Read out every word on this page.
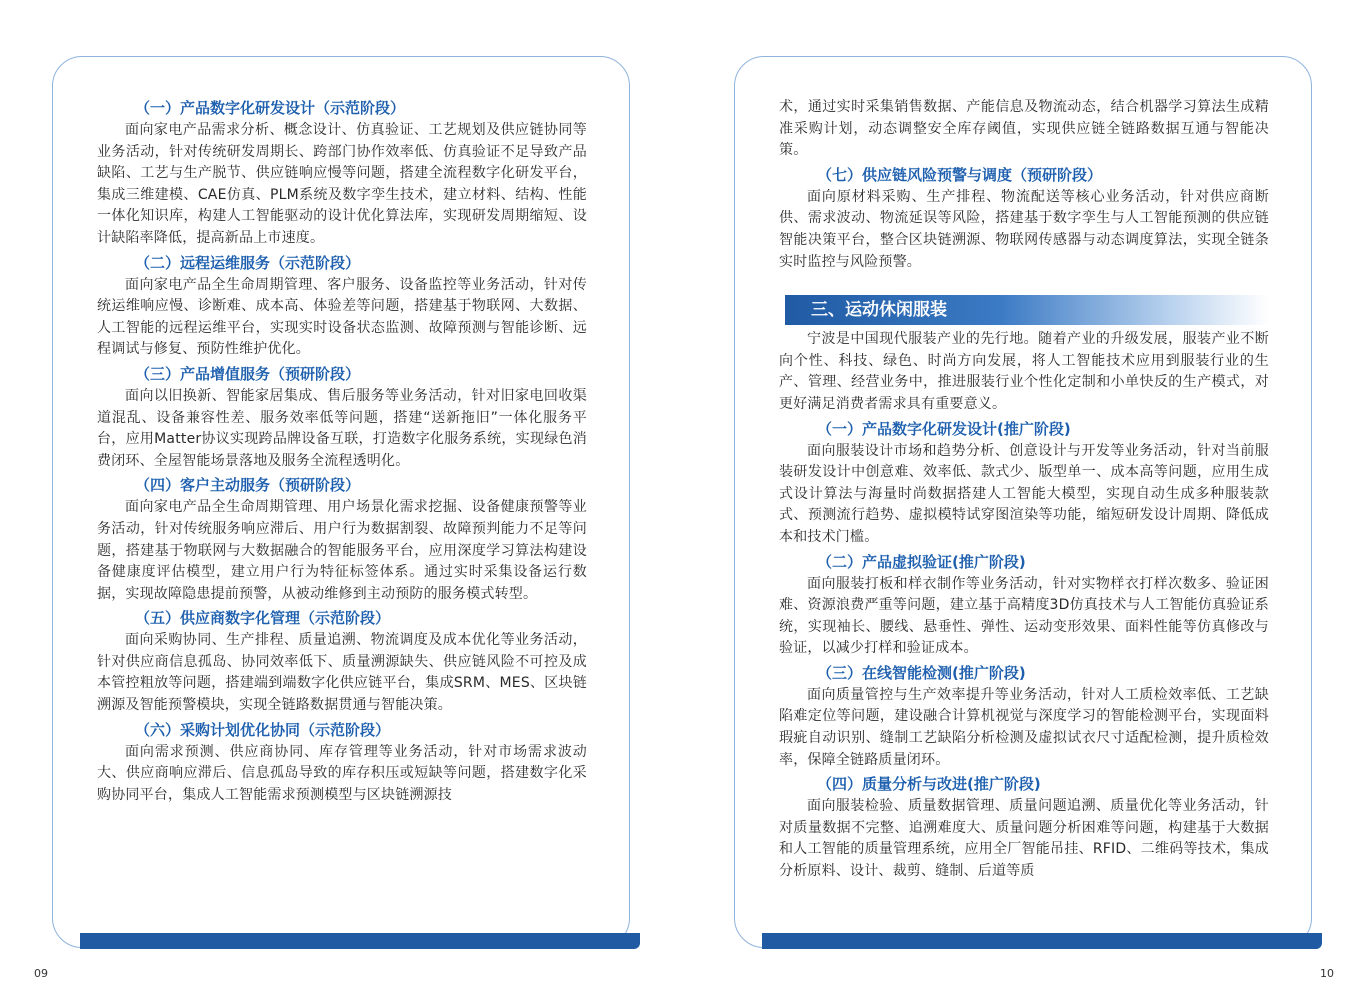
（一）产品数字化研发设计（示范阶段）

面向家电产品需求分析、概念设计、仿真验证、工艺规划及供应链协同等业务活动，针对传统研发周期长、跨部门协作效率低、仿真验证不足导致产品缺陷、工艺与生产脱节、供应链响应慢等问题，搭建全流程数字化研发平台，集成三维建模、CAE仿真、PLM系统及数字孪生技术，建立材料、结构、性能一体化知识库，构建人工智能驱动的设计优化算法库，实现研发周期缩短、设计缺陷率降低，提高新品上市速度。

（二）远程运维服务（示范阶段）

面向家电产品全生命周期管理、客户服务、设备监控等业务活动，针对传统运维响应慢、诊断难、成本高、体验差等问题，搭建基于物联网、大数据、人工智能的远程运维平台，实现实时设备状态监测、故障预测与智能诊断、远程调试与修复、预防性维护优化。

（三）产品增值服务（预研阶段）

面向以旧换新、智能家居集成、售后服务等业务活动，针对旧家电回收渠道混乱、设备兼容性差、服务效率低等问题，搭建“送新拖旧”一体化服务平台，应用Matter协议实现跨品牌设备互联，打造数字化服务系统，实现绿色消费闭环、全屋智能场景落地及服务全流程透明化。

（四）客户主动服务（预研阶段）

面向家电产品全生命周期管理、用户场景化需求挖掘、设备健康预警等业务活动，针对传统服务响应滞后、用户行为数据割裂、故障预判能力不足等问题，搭建基于物联网与大数据融合的智能服务平台，应用深度学习算法构建设备健康度评估模型，建立用户行为特征标签体系。通过实时采集设备运行数据，实现故障隐患提前预警，从被动维修到主动预防的服务模式转型。

（五）供应商数字化管理（示范阶段）

面向采购协同、生产排程、质量追溯、物流调度及成本优化等业务活动，针对供应商信息孤岛、协同效率低下、质量溯源缺失、供应链风险不可控及成本管控粗放等问题，搭建端到端数字化供应链平台，集成SRM、MES、区块链溯源及智能预警模块，实现全链路数据贯通与智能决策。

（六）采购计划优化协同（示范阶段）

面向需求预测、供应商协同、库存管理等业务活动，针对市场需求波动大、供应商响应滞后、信息孤岛导致的库存积压或短缺等问题，搭建数字化采购协同平台，集成人工智能需求预测模型与区块链溯源技

09

术，通过实时采集销售数据、产能信息及物流动态，结合机器学习算法生成精准采购计划，动态调整安全库存阈值，实现供应链全链路数据互通与智能决策。

（七）供应链风险预警与调度（预研阶段）

面向原材料采购、生产排程、物流配送等核心业务活动，针对供应商断供、需求波动、物流延误等风险，搭建基于数字孪生与人工智能预测的供应链智能决策平台，整合区块链溯源、物联网传感器与动态调度算法，实现全链条实时监控与风险预警。

三、运动休闲服装

宁波是中国现代服装产业的先行地。随着产业的升级发展，服装产业不断向个性、科技、绿色、时尚方向发展，将人工智能技术应用到服装行业的生产、管理、经营业务中，推进服装行业个性化定制和小单快反的生产模式，对更好满足消费者需求具有重要意义。

（一）产品数字化研发设计(推广阶段)

面向服装设计市场和趋势分析、创意设计与开发等业务活动，针对当前服装研发设计中创意难、效率低、款式少、版型单一、成本高等问题，应用生成式设计算法与海量时尚数据搭建人工智能大模型，实现自动生成多种服装款式、预测流行趋势、虚拟模特试穿图渲染等功能，缩短研发设计周期、降低成本和技术门槛。

（二）产品虚拟验证(推广阶段)

面向服装打板和样衣制作等业务活动，针对实物样衣打样次数多、验证困难、资源浪费严重等问题，建立基于高精度3D仿真技术与人工智能仿真验证系统，实现袖长、腰线、悬垂性、弹性、运动变形效果、面料性能等仿真修改与验证，以减少打样和验证成本。

（三）在线智能检测(推广阶段)

面向质量管控与生产效率提升等业务活动，针对人工质检效率低、工艺缺陷难定位等问题，建设融合计算机视觉与深度学习的智能检测平台，实现面料瑕疵自动识别、缝制工艺缺陷分析检测及虚拟试衣尺寸适配检测，提升质检效率，保障全链路质量闭环。

（四）质量分析与改进(推广阶段)

面向服装检验、质量数据管理、质量问题追溯、质量优化等业务活动，针对质量数据不完整、追溯难度大、质量问题分析困难等问题，构建基于大数据和人工智能的质量管理系统，应用全厂智能吊挂、RFID、二维码等技术，集成分析原料、设计、裁剪、缝制、后道等质

10
